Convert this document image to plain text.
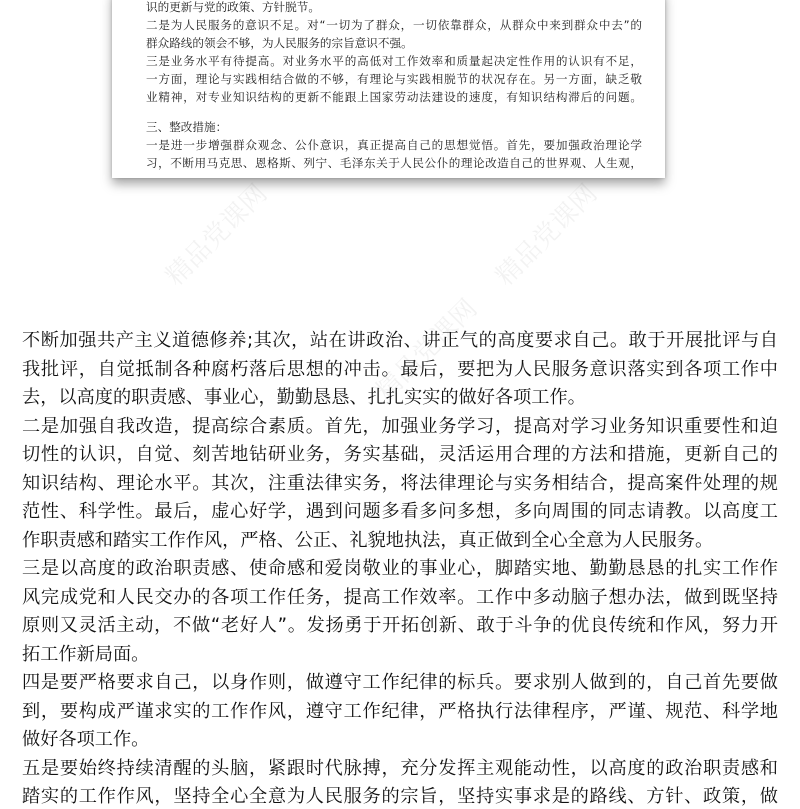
精品党课网	精品党课网
精品党课网
识的更新与党的政策、方针脱节。
二是为人民服务的意识不足。对“一切为了群众，一切依靠群众，从群众中来到群众中去”的
群众路线的领会不够，为人民服务的宗旨意识不强。
三是业务水平有待提高。对业务水平的高低对工作效率和质量起决定性作用的认识有不足，
一方面，理论与实践相结合做的不够，有理论与实践相脱节的状况存在。另一方面，缺乏敬
业精神，对专业知识结构的更新不能跟上国家劳动法建设的速度，有知识结构滞后的问题。
三、整改措施：
一是进一步增强群众观念、公仆意识，真正提高自己的思想觉悟。首先，要加强政治理论学
习，不断用马克思、恩格斯、列宁、毛泽东关于人民公仆的理论改造自己的世界观、人生观，
不断加强共产主义道德修养;其次，站在讲政治、讲正气的高度要求自己。敢于开展批评与自
我批评，自觉抵制各种腐朽落后思想的冲击。最后，要把为人民服务意识落实到各项工作中
去，以高度的职责感、事业心，勤勤恳恳、扎扎实实的做好各项工作。
二是加强自我改造，提高综合素质。首先，加强业务学习，提高对学习业务知识重要性和迫
切性的认识，自觉、刻苦地钻研业务，务实基础，灵活运用合理的方法和措施，更新自己的
知识结构、理论水平。其次，注重法律实务，将法律理论与实务相结合，提高案件处理的规
范性、科学性。最后，虚心好学，遇到问题多看多问多想，多向周围的同志请教。以高度工
作职责感和踏实工作作风，严格、公正、礼貌地执法，真正做到全心全意为人民服务。
三是以高度的政治职责感、使命感和爱岗敬业的事业心，脚踏实地、勤勤恳恳的扎实工作作
风完成党和人民交办的各项工作任务，提高工作效率。工作中多动脑子想办法，做到既坚持
原则又灵活主动，不做“老好人”。发扬勇于开拓创新、敢于斗争的优良传统和作风，努力开
拓工作新局面。
四是要严格要求自己，以身作则，做遵守工作纪律的标兵。要求别人做到的，自己首先要做
到，要构成严谨求实的工作作风，遵守工作纪律，严格执行法律程序，严谨、规范、科学地
做好各项工作。
五是要始终持续清醒的头脑，紧跟时代脉搏，充分发挥主观能动性，以高度的政治职责感和
踏实的工作作风，坚持全心全意为人民服务的宗旨，坚持实事求是的路线、方针、政策，做
